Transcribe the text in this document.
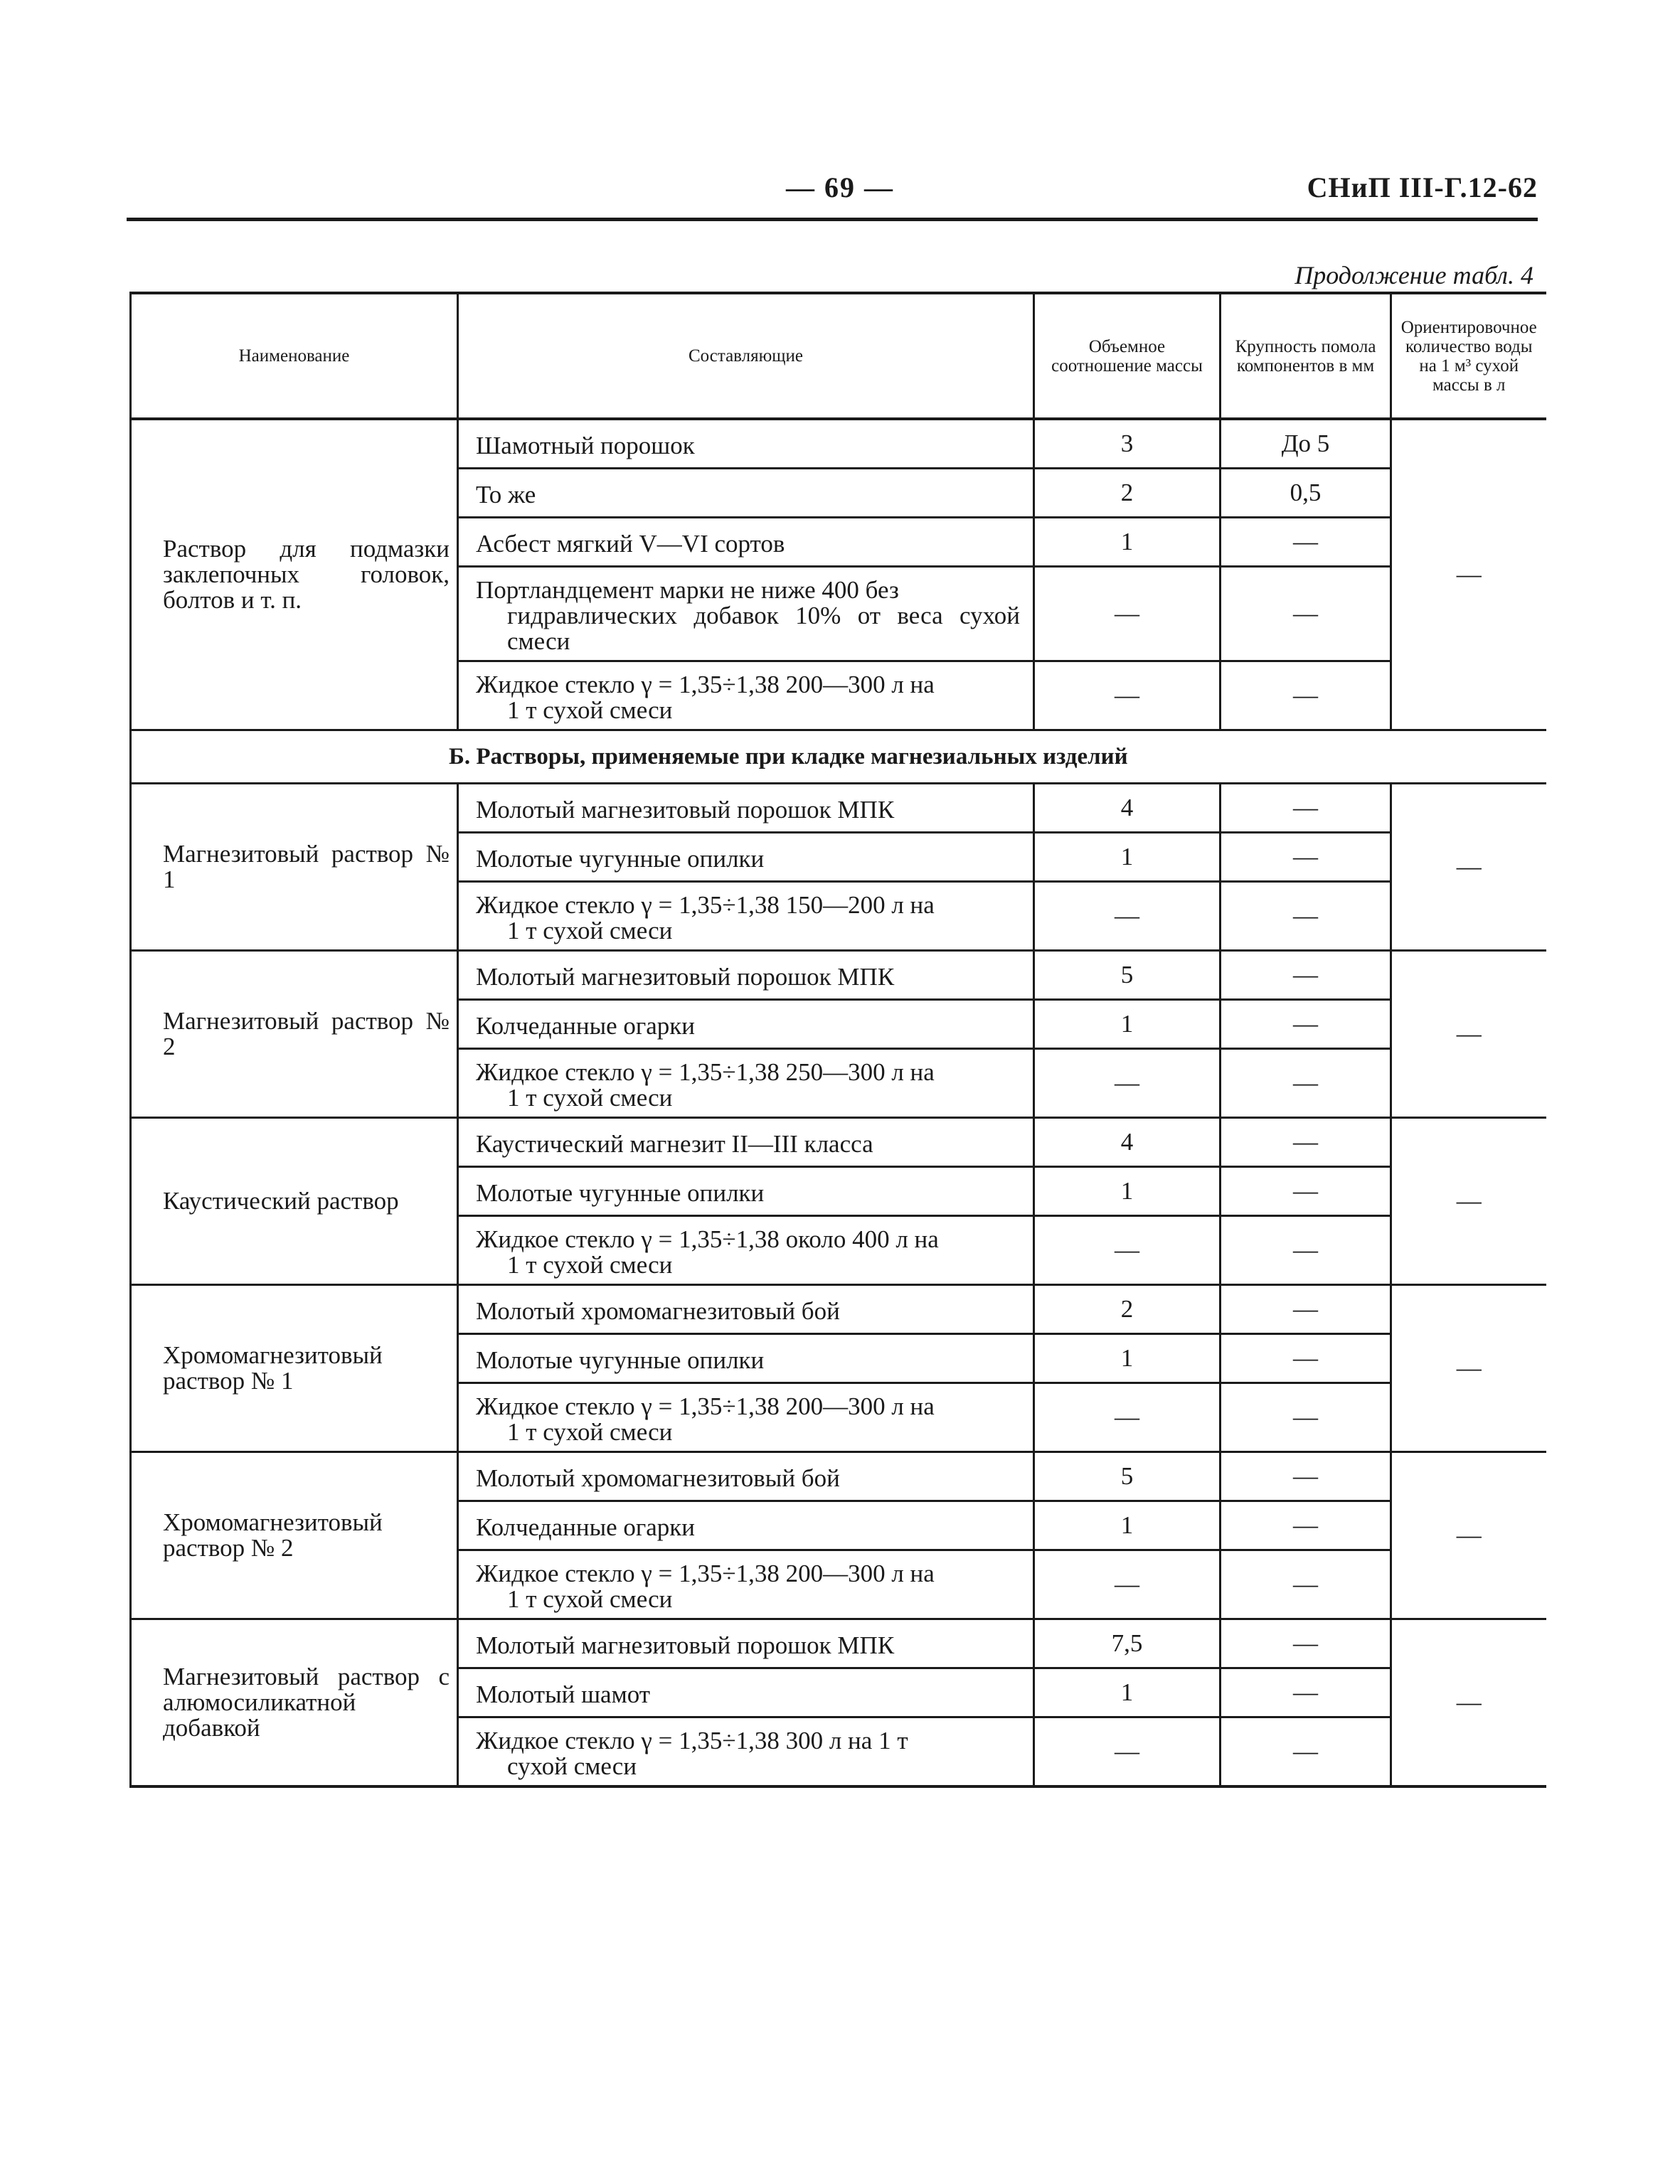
— 69 —	СНиП III-Г.12-62
Продолжение табл. 4
Наименование	Составляющие	Объемное соотношение массы	Крупность помола компонентов в мм	Ориентировочное количество воды на 1 м³ сухой массы в л
Раствор для подмазки заклепочных головок, болтов и т. п.	Шамотный порошок	3	До 5	—

	То же	2	0,5	

	Асбест мягкий V—VI сортов	1	—	

	Портландцемент марки не ниже 400 без
гидравлических добавок 10% от веса сухой смеси	—	—	

	Жидкое стекло γ = 1,35÷1,38 200—300 л на
1 т сухой смеси	—	—	
Б. Растворы, применяемые при кладке магнезиальных изделий				
Магнезитовый раствор № 1	Молотый магнезитовый порошок МПК	4	—	—

	Молотые чугунные опилки	1	—	

	Жидкое стекло γ = 1,35÷1,38 150—200 л на
1 т сухой смеси	—	—	
Магнезитовый раствор № 2	Молотый магнезитовый порошок МПК	5	—	—

	Колчеданные огарки	1	—	

	Жидкое стекло γ = 1,35÷1,38 250—300 л на
1 т сухой смеси	—	—	
Каустический раствор	Каустический магнезит II—III класса	4	—	—

	Молотые чугунные опилки	1	—	

	Жидкое стекло γ = 1,35÷1,38 около 400 л на
1 т сухой смеси	—	—	
Хромомагнезитовый раствор № 1	Молотый хромомагнезитовый бой	2	—	—

	Молотые чугунные опилки	1	—	

	Жидкое стекло γ = 1,35÷1,38 200—300 л на
1 т сухой смеси	—	—	
Хромомагнезитовый раствор № 2	Молотый хромомагнезитовый бой	5	—	—

	Колчеданные огарки	1	—	

	Жидкое стекло γ = 1,35÷1,38 200—300 л на
1 т сухой смеси	—	—	
Магнезитовый раствор с алюмосиликатной добавкой	Молотый магнезитовый порошок МПК	7,5	—	—

	Молотый шамот	1	—	

	Жидкое стекло γ = 1,35÷1,38 300 л на 1 т
сухой смеси	—	—	
